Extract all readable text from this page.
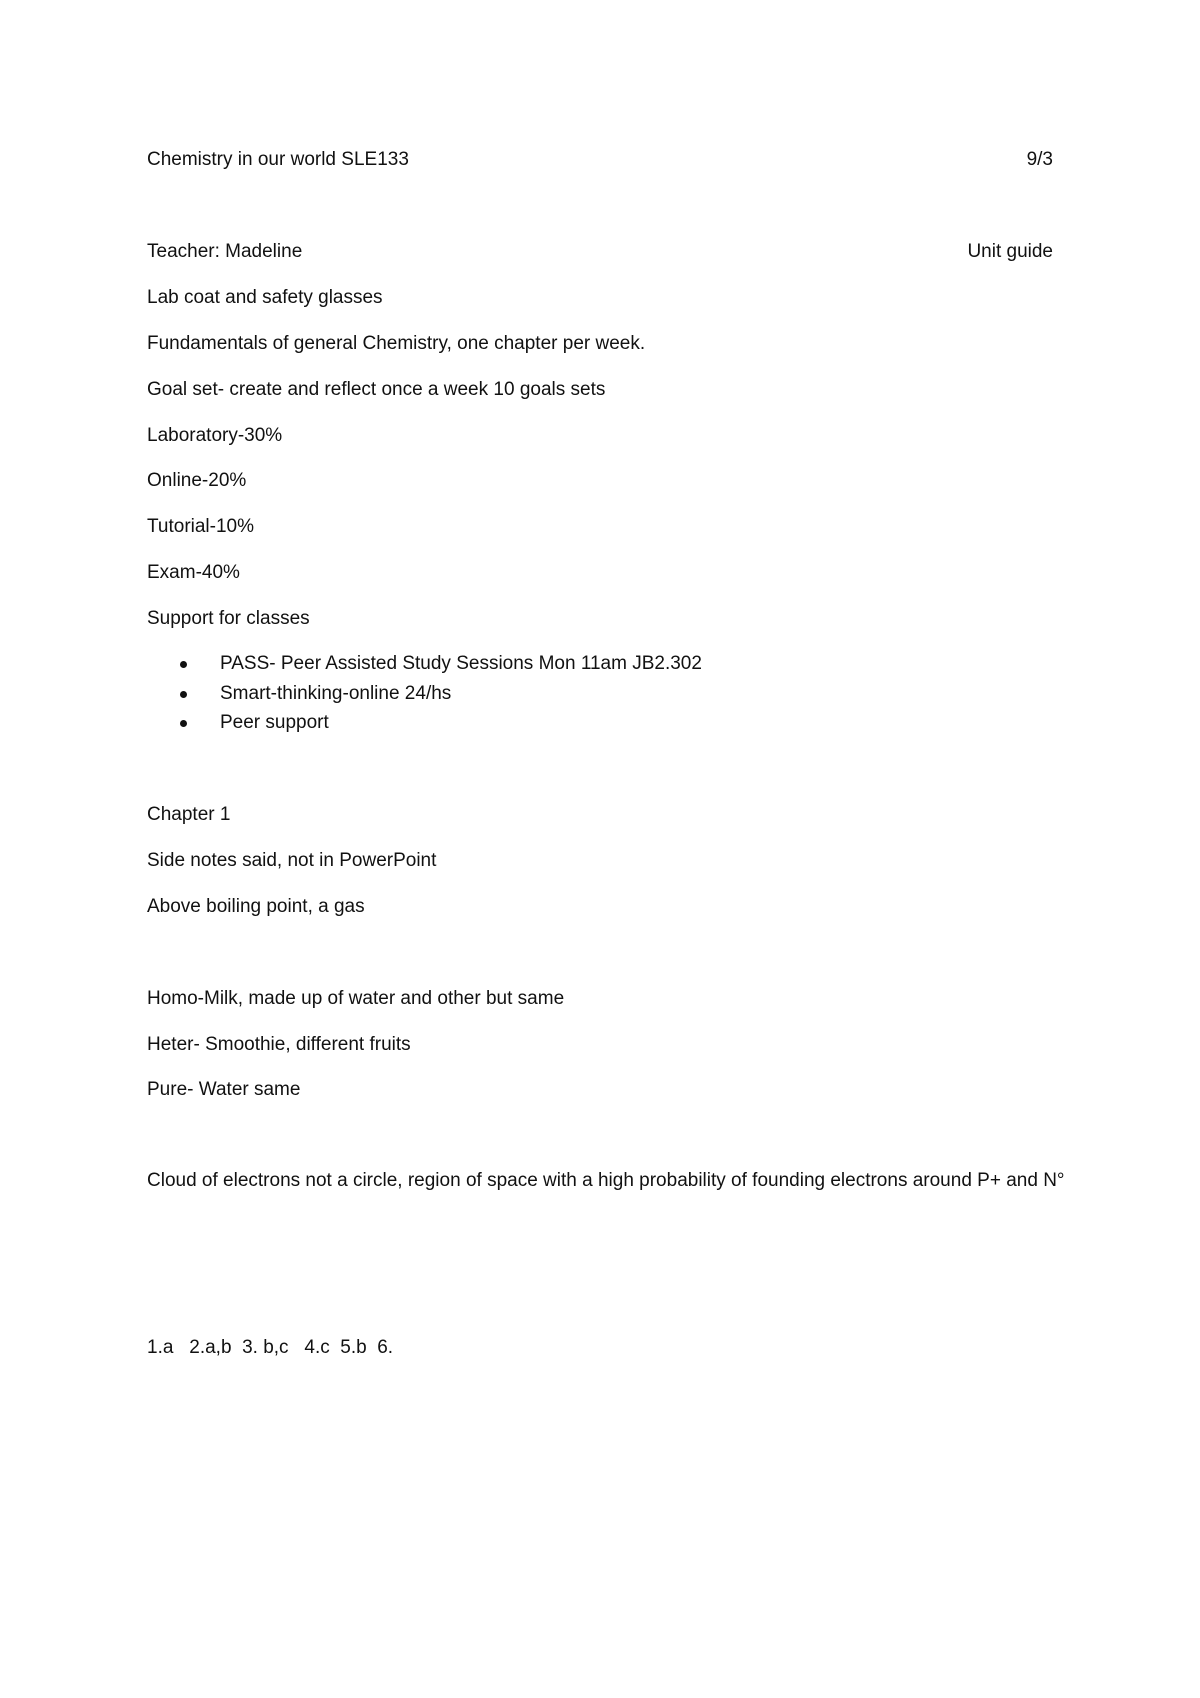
Chemistry in our world SLE133	9/3
Teacher: Madeline	Unit guide
Lab coat and safety glasses
Fundamentals of general Chemistry, one chapter per week.
Goal set- create and reflect once a week 10 goals sets
Laboratory-30%
Online-20%
Tutorial-10%
Exam-40%
Support for classes
PASS- Peer Assisted Study Sessions Mon 11am JB2.302
Smart-thinking-online 24/hs
Peer support
Chapter 1
Side notes said, not in PowerPoint
Above boiling point, a gas
Homo-Milk, made up of water and other but same
Heter- Smoothie, different fruits
Pure- Water same
Cloud of electrons not a circle, region of space with a high probability of founding electrons around P+ and N°
1.a   2.a,b  3. b,c   4.c  5.b  6.
